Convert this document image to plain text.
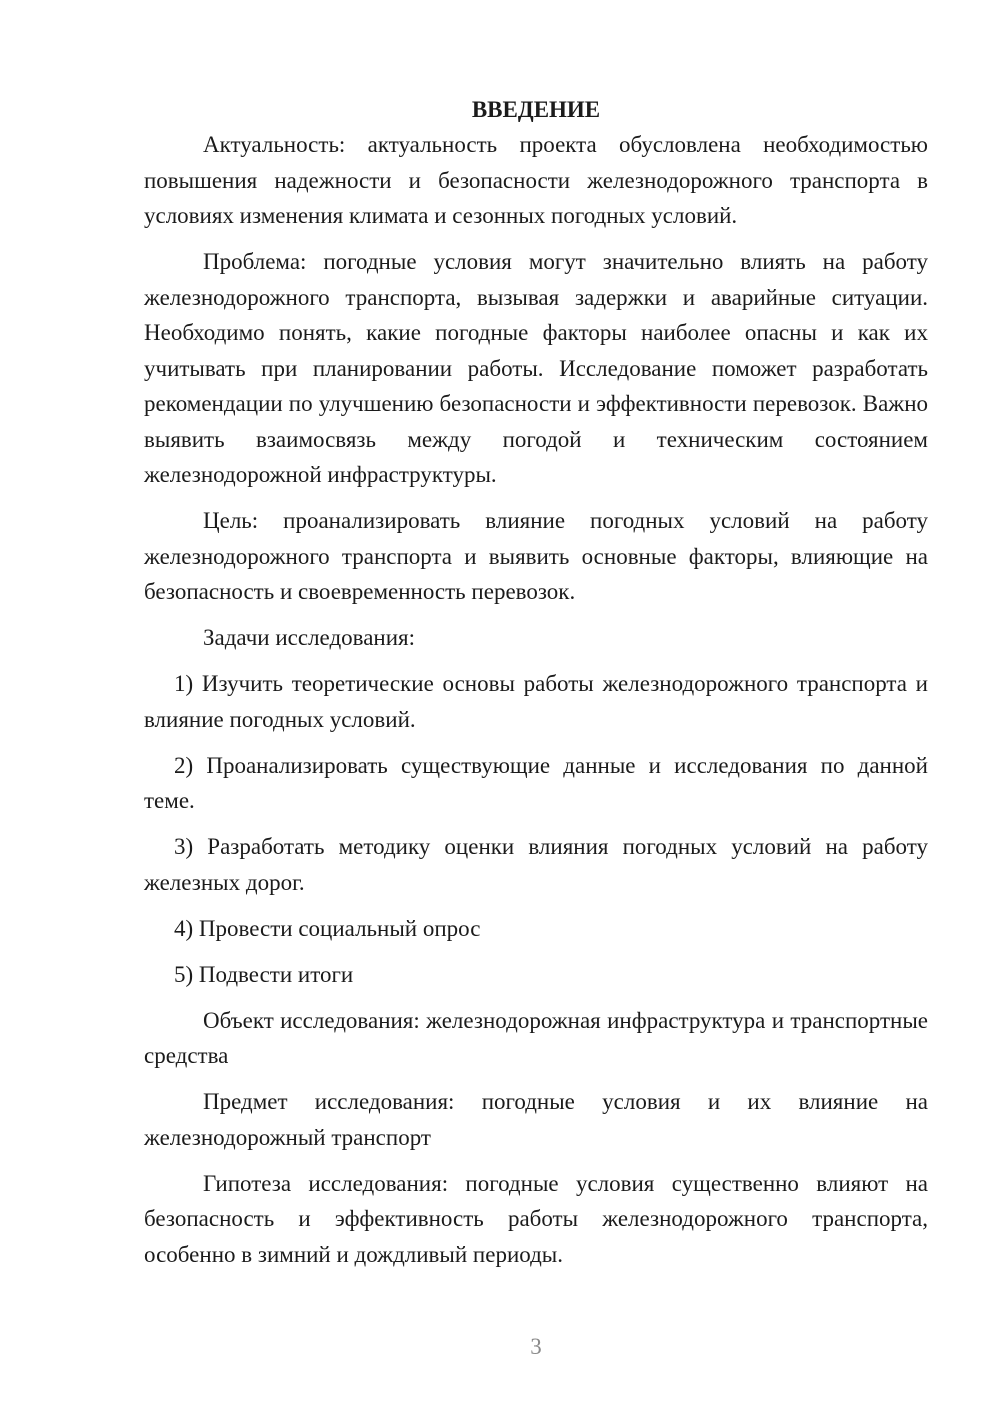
ВВЕДЕНИЕ

Актуальность: актуальность проекта обусловлена необходимостью повышения надежности и безопасности железнодорожного транспорта в условиях изменения климата и сезонных погодных условий.

Проблема: погодные условия могут значительно влиять на работу железнодорожного транспорта, вызывая задержки и аварийные ситуации. Необходимо понять, какие погодные факторы наиболее опасны и как их учитывать при планировании работы. Исследование поможет разработать рекомендации по улучшению безопасности и эффективности перевозок. Важно выявить взаимосвязь между погодой и техническим состоянием железнодорожной инфраструктуры.

Цель: проанализировать влияние погодных условий на работу железнодорожного транспорта и выявить основные факторы, влияющие на безопасность и своевременность перевозок.

Задачи исследования:

1) Изучить теоретические основы работы железнодорожного транспорта и влияние погодных условий.

2) Проанализировать существующие данные и исследования по данной теме.

3) Разработать методику оценки влияния погодных условий на работу железных дорог.

4) Провести социальный опрос

5) Подвести итоги

Объект исследования: железнодорожная инфраструктура и транспортные средства

Предмет исследования: погодные условия и их влияние на железнодорожный транспорт

Гипотеза исследования: погодные условия существенно влияют на безопасность и эффективность работы железнодорожного транспорта, особенно в зимний и дождливый периоды.

3
